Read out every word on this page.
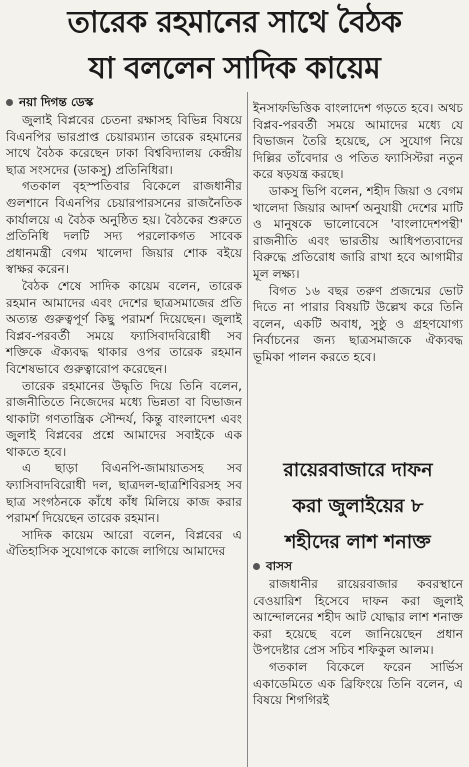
তারেক রহমানের সাথে বৈঠক
যা বললেন সাদিক কায়েম
নয়া দিগন্ত ডেস্ক

জুলাই বিপ্লবের চেতনা রক্ষাসহ বিভিন্ন বিষয়ে বিএনপির ভারপ্রাপ্ত চেয়ারম্যান তারেক রহমানের সাথে বৈঠক করেছেন ঢাকা বিশ্ববিদ্যালয় কেন্দ্রীয় ছাত্র সংসদের (ডাকসু) প্রতিনিধিরা।

গতকাল বৃহস্পতিবার বিকেলে রাজধানীর গুলশানে বিএনপির চেয়ারপারসনের রাজনৈতিক কার্যালয়ে এ বৈঠক অনুষ্ঠিত হয়। বৈঠকের শুরুতে প্রতিনিধি দলটি সদ্য পরলোকগত সাবেক প্রধানমন্ত্রী বেগম খালেদা জিয়ার শোক বইয়ে স্বাক্ষর করেন।

বৈঠক শেষে সাদিক কায়েম বলেন, তারেক রহমান আমাদের এবং দেশের ছাত্রসমাজের প্রতি অত্যন্ত গুরুত্বপূর্ণ কিছু পরামর্শ দিয়েছেন। জুলাই বিপ্লব-পরবর্তী সময়ে ফ্যাসিবাদবিরোধী সব শক্তিকে ঐক্যবদ্ধ থাকার ওপর তারেক রহমান বিশেষভাবে গুরুত্বারোপ করেছেন।

তারেক রহমানের উদ্ধৃতি দিয়ে তিনি বলেন, রাজনীতিতে নিজেদের মধ্যে ভিন্নতা বা বিভাজন থাকাটা গণতান্ত্রিক সৌন্দর্য, কিন্তু বাংলাদেশ এবং জুলাই বিপ্লবের প্রশ্নে আমাদের সবাইকে এক থাকতে হবে।

এ ছাড়া বিএনপি-জামায়াতসহ সব ফ্যাসিবাদবিরোধী দল, ছাত্রদল-ছাত্রশিবিরসহ সব ছাত্র সংগঠনকে কাঁধে কাঁধ মিলিয়ে কাজ করার পরামর্শ দিয়েছেন তারেক রহমান।

সাদিক কায়েম আরো বলেন, বিপ্লবের এ ঐতিহাসিক সুযোগকে কাজে লাগিয়ে আমাদের

ইনসাফভিত্তিক বাংলাদেশ গড়তে হবে। অথচ বিপ্লব-পরবর্তী সময়ে আমাদের মধ্যে যে বিভাজন তৈরি হয়েছে, সে সুযোগ নিয়ে দিল্লির তাঁবেদার ও পতিত ফ্যাসিস্টরা নতুন করে ষড়যন্ত্র করছে।

ডাকসু ভিপি বলেন, শহীদ জিয়া ও বেগম খালেদা জিয়ার আদর্শ অনুযায়ী দেশের মাটি ও মানুষকে ভালোবেসে 'বাংলাদেশপন্থী' রাজনীতি এবং ভারতীয় আধিপত্যবাদের বিরুদ্ধে প্রতিরোধ জারি রাখা হবে আগামীর মূল লক্ষ্য।

বিগত ১৬ বছর তরুণ প্রজন্মের ভোট দিতে না পারার বিষয়টি উল্লেখ করে তিনি বলেন, একটি অবাধ, সুষ্ঠু ও গ্রহণযোগ্য নির্বাচনের জন্য ছাত্রসমাজকে ঐক্যবদ্ধ ভূমিকা পালন করতে হবে।

রায়েরবাজারে দাফন
করা জুলাইয়ের ৮
শহীদের লাশ শনাক্ত
বাসস

রাজধানীর রায়েরবাজার কবরস্থানে বেওয়ারিশ হিসেবে দাফন করা জুলাই আন্দোলনের শহীদ আট যোদ্ধার লাশ শনাক্ত করা হয়েছে বলে জানিয়েছেন প্রধান উপদেষ্টার প্রেস সচিব শফিকুল আলম।

গতকাল বিকেলে ফরেন সার্ভিস একাডেমিতে এক ব্রিফিংয়ে তিনি বলেন, এ বিষয়ে শিগগিরই
